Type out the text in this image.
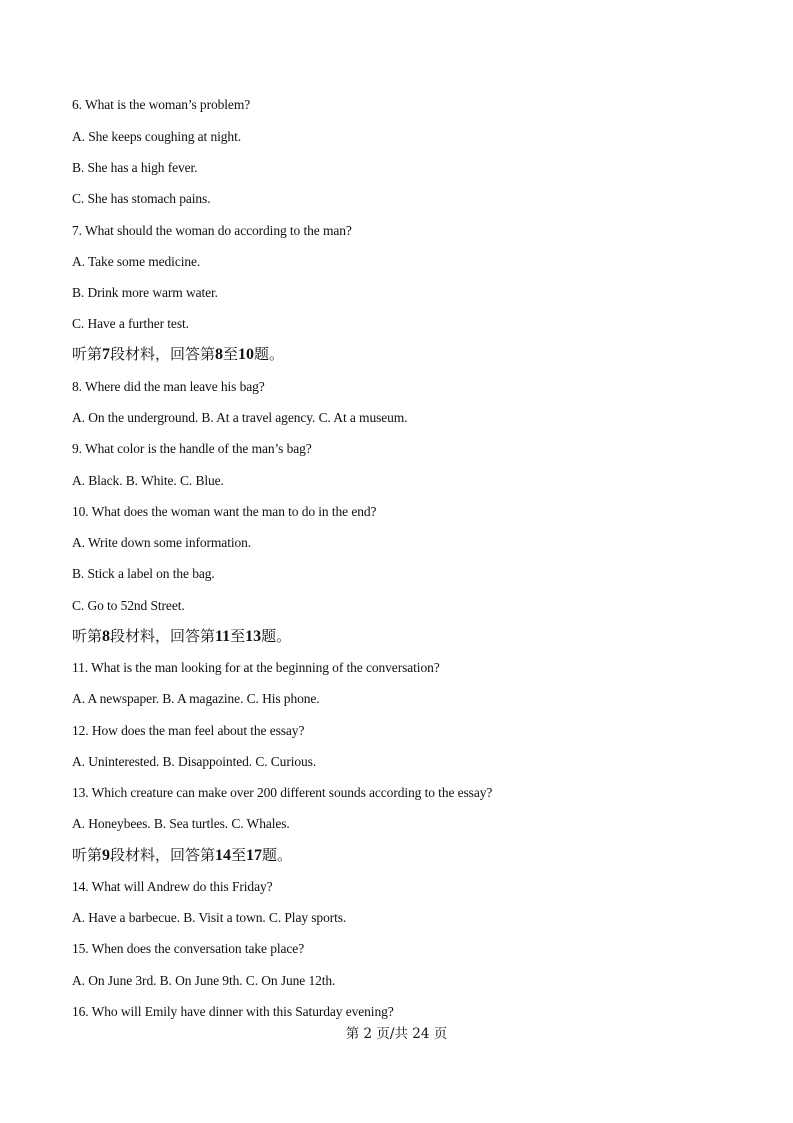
6. What is the woman’s problem?
A. She keeps coughing at night.
B. She has a high fever.
C. She has stomach pains.
7. What should the woman do according to the man?
A. Take some medicine.
B. Drink more warm water.
C. Have a further test.
听第7段材料，回答第8至10题。
8. Where did the man leave his bag?
A. On the underground. B. At a travel agency. C. At a museum.
9. What color is the handle of the man’s bag?
A. Black. B. White. C. Blue.
10. What does the woman want the man to do in the end?
A. Write down some information.
B. Stick a label on the bag.
C. Go to 52nd Street.
听第8段材料，回答第11至13题。
11. What is the man looking for at the beginning of the conversation?
A. A newspaper. B. A magazine. C. His phone.
12. How does the man feel about the essay?
A. Uninterested. B. Disappointed. C. Curious.
13. Which creature can make over 200 different sounds according to the essay?
A. Honeybees. B. Sea turtles. C. Whales.
听第9段材料，回答第14至17题。
14. What will Andrew do this Friday?
A. Have a barbecue. B. Visit a town. C. Play sports.
15. When does the conversation take place?
A. On June 3rd. B. On June 9th. C. On June 12th.
16. Who will Emily have dinner with this Saturday evening?
第 2 页/共 24 页
